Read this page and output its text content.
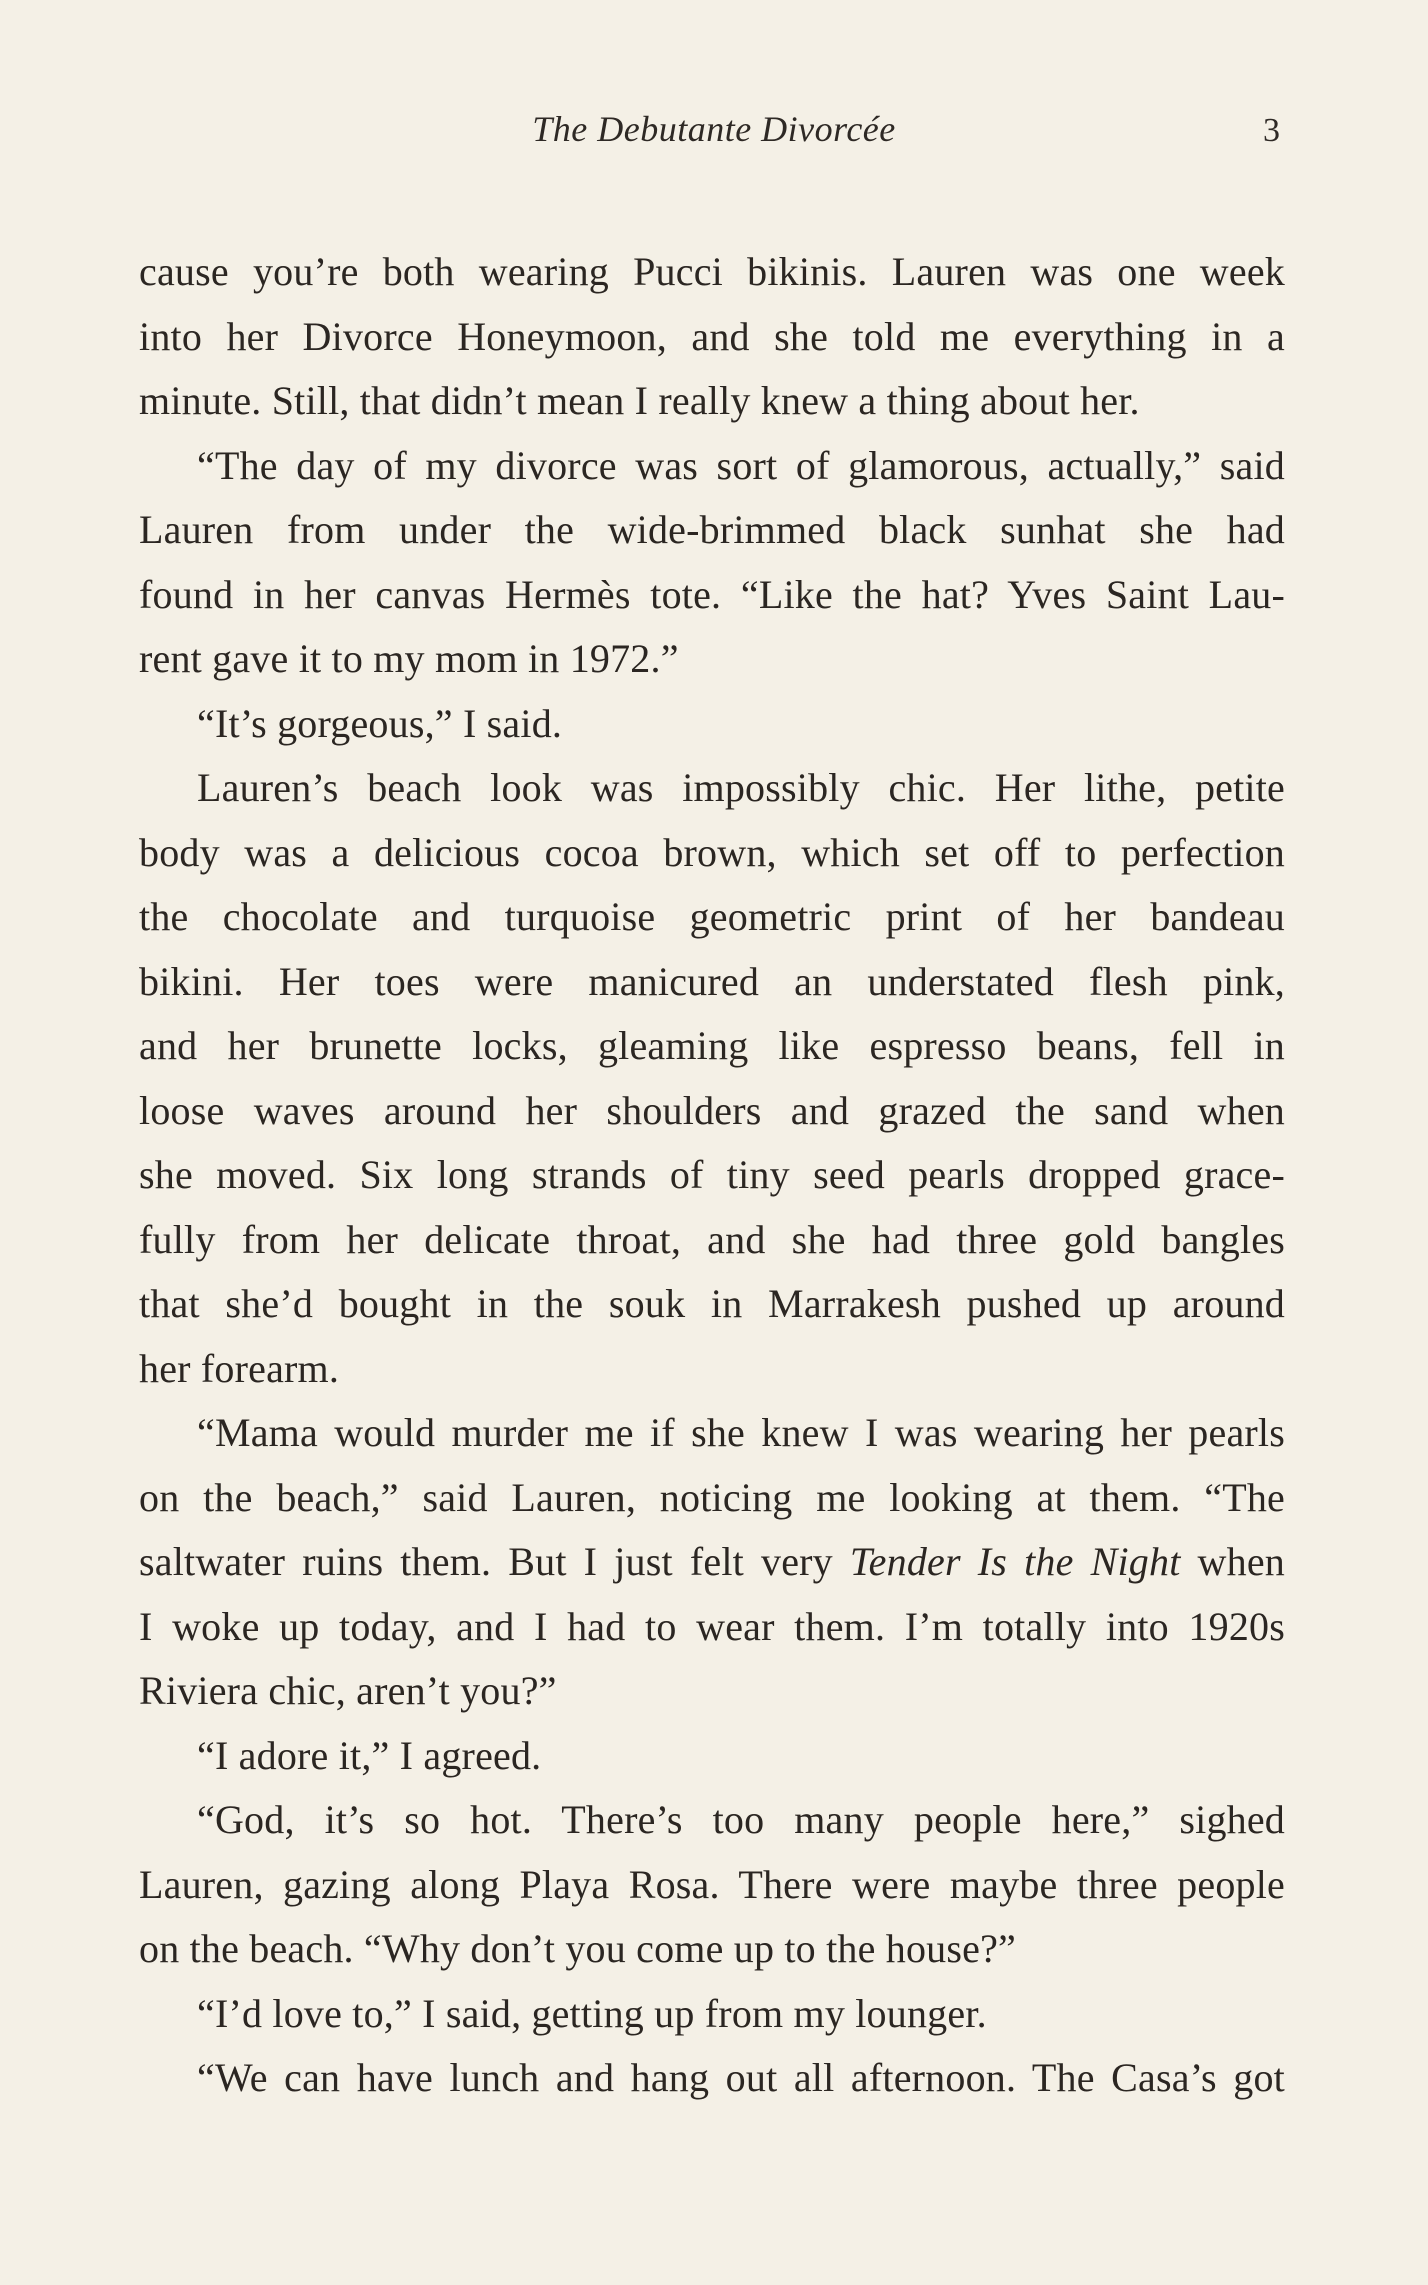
The Debutante Divorcée	3
cause you’re both wearing Pucci bikinis. Lauren was one week
into her Divorce Honeymoon, and she told me everything in a
minute. Still, that didn’t mean I really knew a thing about her.
“The day of my divorce was sort of glamorous, actually,” said
Lauren from under the wide-brimmed black sunhat she had
found in her canvas Hermès tote. “Like the hat? Yves Saint Lau-
rent gave it to my mom in 1972.”
“It’s gorgeous,” I said.
Lauren’s beach look was impossibly chic. Her lithe, petite
body was a delicious cocoa brown, which set off to perfection
the chocolate and turquoise geometric print of her bandeau
bikini. Her toes were manicured an understated flesh pink,
and her brunette locks, gleaming like espresso beans, fell in
loose waves around her shoulders and grazed the sand when
she moved. Six long strands of tiny seed pearls dropped grace-
fully from her delicate throat, and she had three gold bangles
that she’d bought in the souk in Marrakesh pushed up around
her forearm.
“Mama would murder me if she knew I was wearing her pearls
on the beach,” said Lauren, noticing me looking at them. “The
saltwater ruins them. But I just felt very Tender Is the Night when
I woke up today, and I had to wear them. I’m totally into 1920s
Riviera chic, aren’t you?”
“I adore it,” I agreed.
“God, it’s so hot. There’s too many people here,” sighed
Lauren, gazing along Playa Rosa. There were maybe three people
on the beach. “Why don’t you come up to the house?”
“I’d love to,” I said, getting up from my lounger.
“We can have lunch and hang out all afternoon. The Casa’s got
